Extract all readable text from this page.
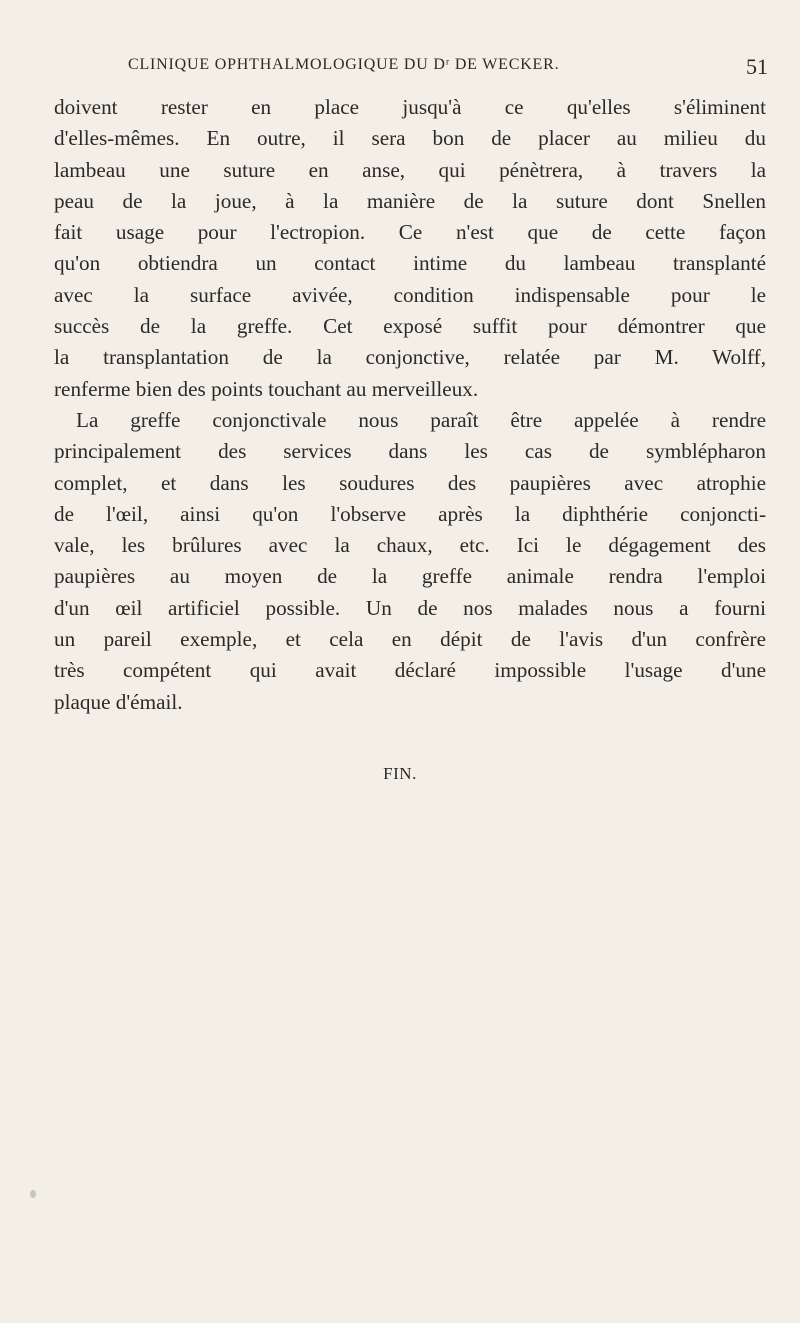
CLINIQUE OPHTHALMOLOGIQUE DU Dʳ DE WECKER.	51
doivent rester en place jusqu'à ce qu'elles s'éliminent
d'elles-mêmes. En outre, il sera bon de placer au milieu du
lambeau une suture en anse, qui pénètrera, à travers la
peau de la joue, à la manière de la suture dont Snellen
fait usage pour l'ectropion. Ce n'est que de cette façon
qu'on obtiendra un contact intime du lambeau transplanté
avec la surface avivée, condition indispensable pour le
succès de la greffe. Cet exposé suffit pour démontrer que
la transplantation de la conjonctive, relatée par M. Wolff,
renferme bien des points touchant au merveilleux.
La greffe conjonctivale nous paraît être appelée à rendre
principalement des services dans les cas de symblépharon
complet, et dans les soudures des paupières avec atrophie
de l'œil, ainsi qu'on l'observe après la diphthérie conjoncti-
vale, les brûlures avec la chaux, etc. Ici le dégagement des
paupières au moyen de la greffe animale rendra l'emploi
d'un œil artificiel possible. Un de nos malades nous a fourni
un pareil exemple, et cela en dépit de l'avis d'un confrère
très compétent qui avait déclaré impossible l'usage d'une
plaque d'émail.
FIN.
